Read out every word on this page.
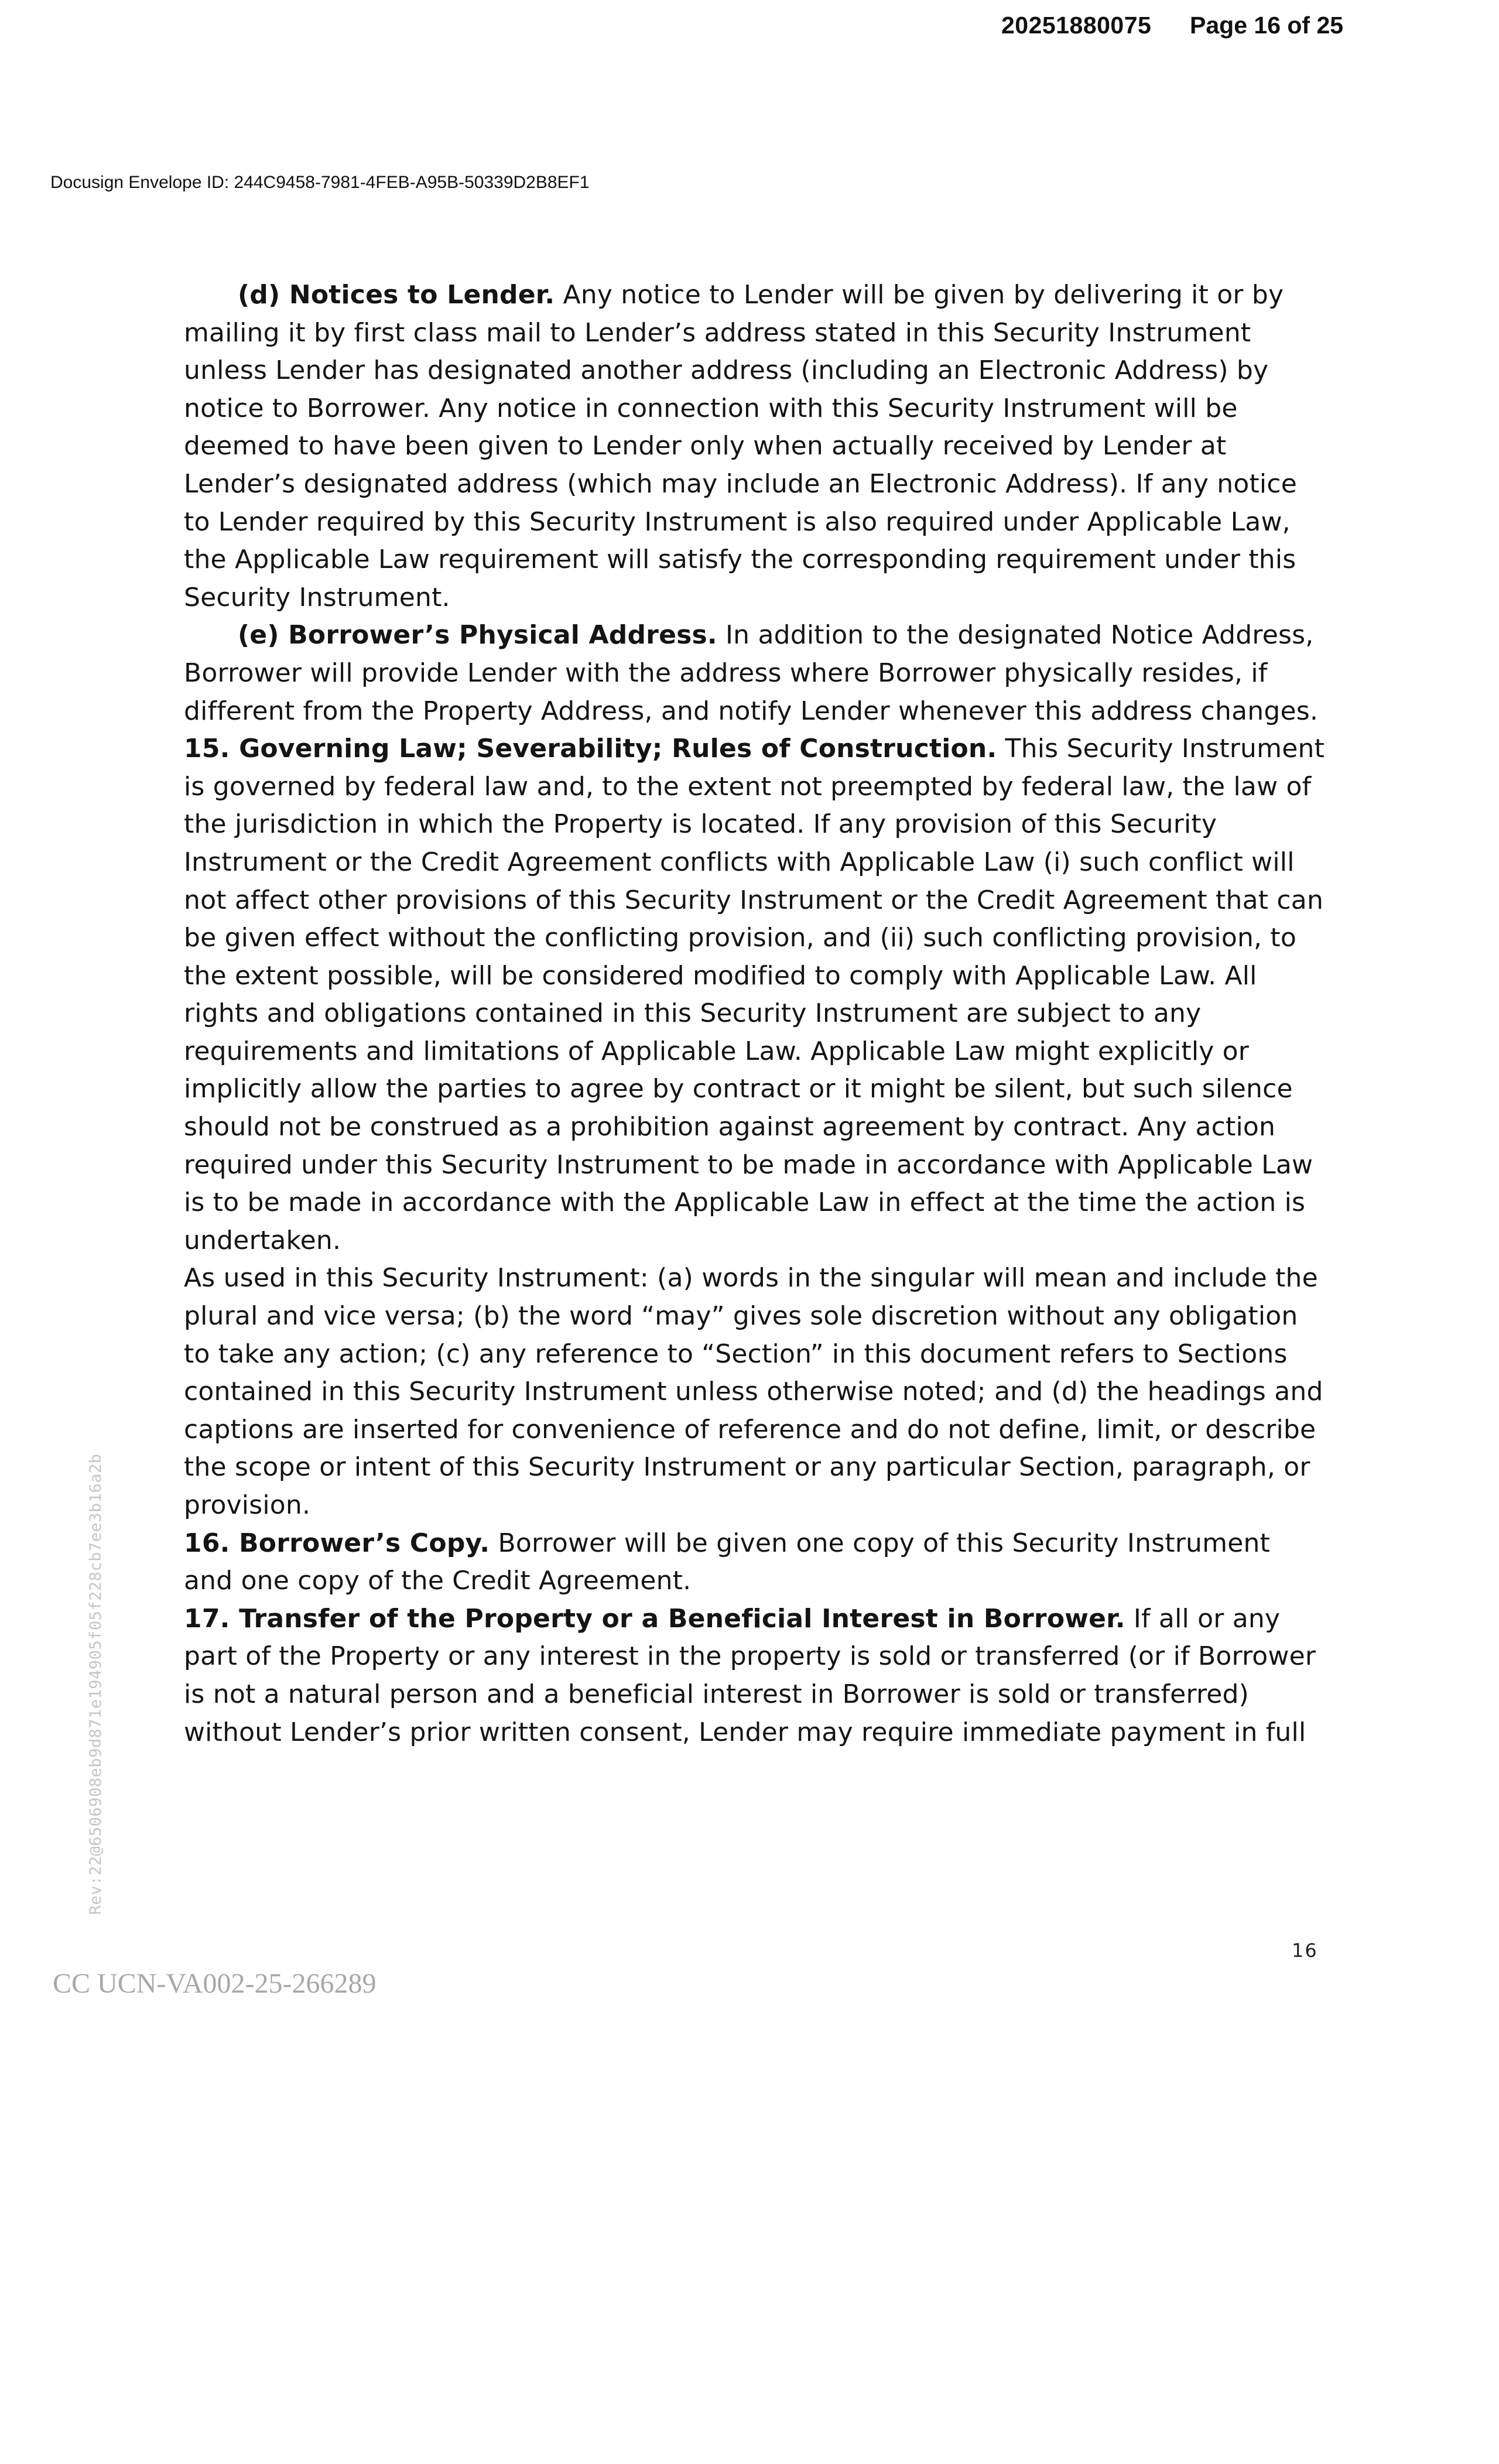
20251880075 Page 16 of 25
Docusign Envelope ID: 244C9458-7981-4FEB-A95B-50339D2B8EF1

(d) Notices to Lender. Any notice to Lender will be given by delivering it or by mailing it by first class mail to Lender’s address stated in this Security Instrument unless Lender has designated another address (including an Electronic Address) by notice to Borrower. Any notice in connection with this Security Instrument will be deemed to have been given to Lender only when actually received by Lender at Lender’s designated address (which may include an Electronic Address). If any notice to Lender required by this Security Instrument is also required under Applicable Law, the Applicable Law requirement will satisfy the corresponding requirement under this Security Instrument.

(e) Borrower’s Physical Address. In addition to the designated Notice Address, Borrower will provide Lender with the address where Borrower physically resides, if different from the Property Address, and notify Lender whenever this address changes.

15. Governing Law; Severability; Rules of Construction. This Security Instrument is governed by federal law and, to the extent not preempted by federal law, the law of the jurisdiction in which the Property is located. If any provision of this Security Instrument or the Credit Agreement conflicts with Applicable Law (i) such conflict will not affect other provisions of this Security Instrument or the Credit Agreement that can be given effect without the conflicting provision, and (ii) such conflicting provision, to the extent possible, will be considered modified to comply with Applicable Law. All rights and obligations contained in this Security Instrument are subject to any requirements and limitations of Applicable Law. Applicable Law might explicitly or implicitly allow the parties to agree by contract or it might be silent, but such silence should not be construed as a prohibition against agreement by contract. Any action required under this Security Instrument to be made in accordance with Applicable Law is to be made in accordance with the Applicable Law in effect at the time the action is undertaken.

As used in this Security Instrument: (a) words in the singular will mean and include the plural and vice versa; (b) the word “may” gives sole discretion without any obligation to take any action; (c) any reference to “Section” in this document refers to Sections contained in this Security Instrument unless otherwise noted; and (d) the headings and captions are inserted for convenience of reference and do not define, limit, or describe the scope or intent of this Security Instrument or any particular Section, paragraph, or provision.

16. Borrower’s Copy. Borrower will be given one copy of this Security Instrument and one copy of the Credit Agreement.

17. Transfer of the Property or a Beneficial Interest in Borrower. If all or any part of the Property or any interest in the property is sold or transferred (or if Borrower is not a natural person and a beneficial interest in Borrower is sold or transferred) without Lender’s prior written consent, Lender may require immediate payment in full

Rev:22@6506908eb9d871e194905f05f228cb7ee3b16a2b
16
CC UCN-VA002-25-266289
